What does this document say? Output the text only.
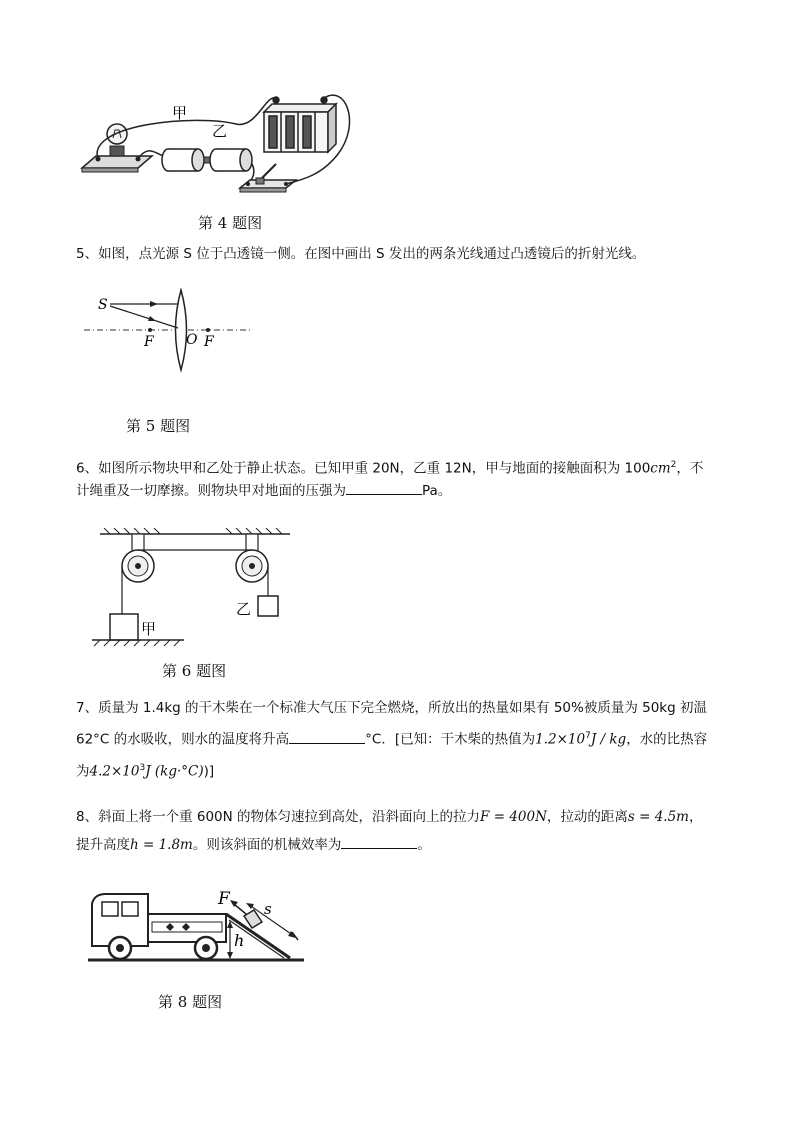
甲
乙
第 4 题图
5、如图，点光源 S 位于凸透镜一侧。在图中画出 S 发出的两条光线通过凸透镜后的折射光线。
S
F O F
第 5 题图
6、如图所示物块甲和乙处于静止状态。已知甲重 20N，乙重 12N，甲与地面的接触面积为 $100cm^2$，不
计绳重及一切摩擦。则物块甲对地面的压强为	Pa。
甲
乙
第 6 题图
7、质量为 1.4kg 的干木柴在一个标准大气压下完全燃烧，所放出的热量如果有 50%被质量为 50kg 初温
62°C 的水吸收，则水的温度将升高	°C．[已知：干木柴的热值为$1.2\times 10^7J$ / kg，水的比热容
为$4.2\times 10^3J$ (kg·°C))]
8、斜面上将一个重 600N 的物体匀速拉到高处，沿斜面向上的拉力F = 400N，拉动的距离s = 4.5m，
提升高度h = 1.8m。则该斜面的机械效率为	。
F s
h
第 8 题图
